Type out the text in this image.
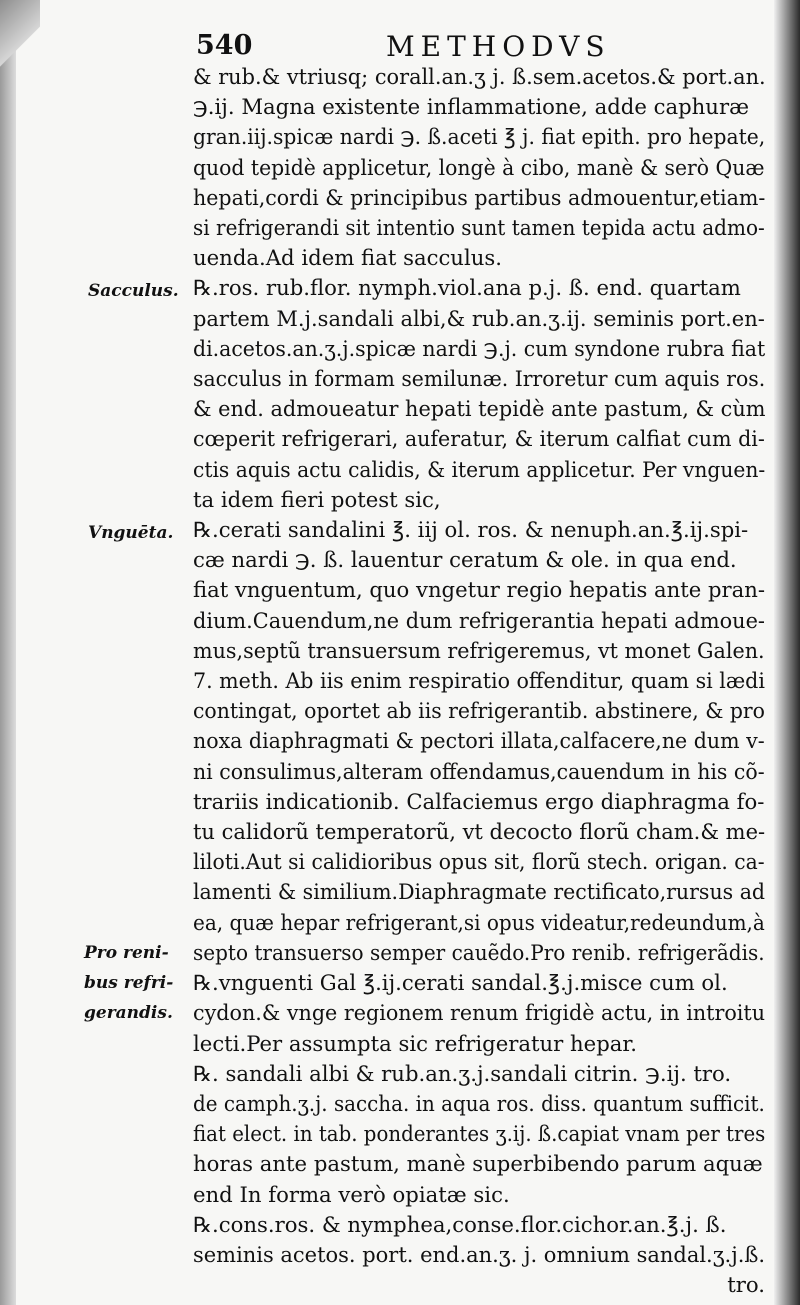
540	METHODVS
Sacculus.
Vnguēta.
Pro reni-
bus refri-
gerandis.

& rub.& vtriusq; corall.an.ʒ j. ß.sem.acetos.& port.an.

℈.ij. Magna existente inflammatione, adde caphuræ

gran.iij.spicæ nardi ℈. ß.aceti ℥ j. fiat epith. pro hepate,

quod tepidè applicetur, longè à cibo, manè & serò Quæ

hepati,cordi & principibus partibus admouentur,etiam-

si refrigerandi sit intentio sunt tamen tepida actu admo-

uenda.Ad idem fiat sacculus.

℞.ros. rub.flor. nymph.viol.ana p.j. ß. end. quartam

partem M.j.sandali albi,& rub.an.ʒ.ij. seminis port.en-

di.acetos.an.ʒ.j.spicæ nardi ℈.j. cum syndone rubra fiat

sacculus in formam semilunæ. Irroretur cum aquis ros.

& end. admoueatur hepati tepidè ante pastum, & cùm

cœperit refrigerari, auferatur, & iterum calfiat cum di-

ctis aquis actu calidis, & iterum applicetur. Per vnguen-

ta idem fieri potest sic,

℞.cerati sandalini ℥. iij ol. ros. & nenuph.an.℥.ij.spi-

cæ nardi ℈. ß. lauentur ceratum & ole. in qua end.

fiat vnguentum, quo vngetur regio hepatis ante pran-

dium.Cauendum,ne dum refrigerantia hepati admoue-

mus,septũ transuersum refrigeremus, vt monet Galen.

7. meth. Ab iis enim respiratio offenditur, quam si lædi

contingat, oportet ab iis refrigerantib. abstinere, & pro

noxa diaphragmati & pectori illata,calfacere,ne dum v-

ni consulimus,alteram offendamus,cauendum in his cõ-

trariis indicationib. Calfaciemus ergo diaphragma fo-

tu calidorũ temperatorũ, vt decocto florũ cham.& me-

liloti.Aut si calidioribus opus sit, florũ stech. origan. ca-

lamenti & similium.Diaphragmate rectificato,rursus ad

ea, quæ hepar refrigerant,si opus videatur,redeundum,à

septo transuerso semper cauẽdo.Pro renib. refrigerãdis.

℞.vnguenti Gal ℥.ij.cerati sandal.℥.j.misce cum ol.

cydon.& vnge regionem renum frigidè actu, in introitu

lecti.Per assumpta sic refrigeratur hepar.

℞. sandali albi & rub.an.ʒ.j.sandali citrin. ℈.ij. tro.

de camph.ʒ.j. saccha. in aqua ros. diss. quantum sufficit.

fiat elect. in tab. ponderantes ʒ.ij. ß.capiat vnam per tres

horas ante pastum, manè superbibendo parum aquæ

end In forma verò opiatæ sic.

℞.cons.ros. & nymphea,conse.flor.cichor.an.℥.j. ß.

seminis acetos. port. end.an.ʒ. j. omnium sandal.ʒ.j.ß.

tro.
